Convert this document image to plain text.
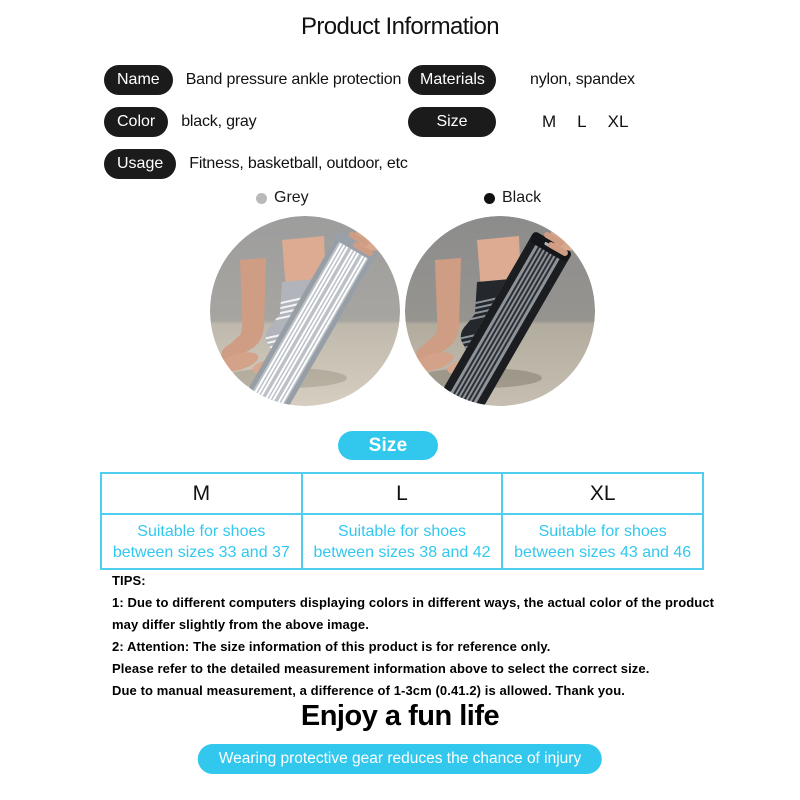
Product Information
Name	Band pressure ankle protection
Color	black, gray
Usage	Fitness, basketball, outdoor, etc
Materials	nylon, spandex
Size	M L XL
Grey	Black
Size
M	L	XL

Suitable for shoes
between sizes 33 and 37

Suitable for shoes
between sizes 38 and 42

Suitable for shoes
between sizes 43 and 46
TIPS:
1: Due to different computers displaying colors in different ways, the actual color of the product
may differ slightly from the above image.
2: Attention: The size information of this product is for reference only.
Please refer to the detailed measurement information above to select the correct size.
Due to manual measurement, a difference of 1-3cm (0.41.2) is allowed. Thank you.
Enjoy a fun life
Wearing protective gear reduces the chance of injury
